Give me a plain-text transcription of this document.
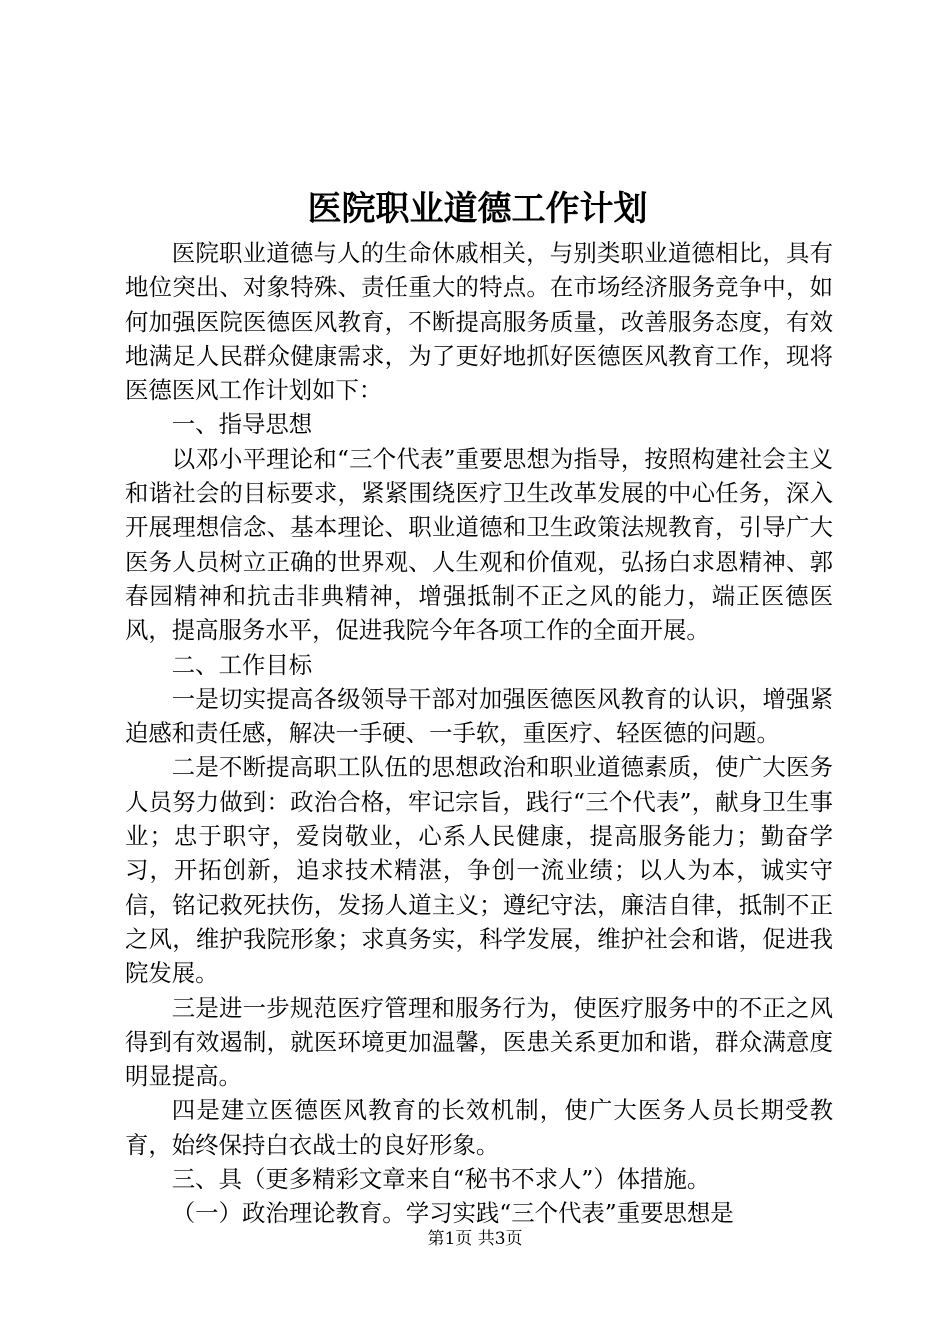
医院职业道德工作计划

医院职业道德与人的生命休戚相关，与别类职业道德相比，具有地位突出、对象特殊、责任重大的特点。在市场经济服务竞争中，如何加强医院医德医风教育，不断提高服务质量，改善服务态度，有效地满足人民群众健康需求，为了更好地抓好医德医风教育工作，现将医德医风工作计划如下：

一、指导思想

以邓小平理论和“三个代表”重要思想为指导，按照构建社会主义和谐社会的目标要求，紧紧围绕医疗卫生改革发展的中心任务，深入开展理想信念、基本理论、职业道德和卫生政策法规教育，引导广大医务人员树立正确的世界观、人生观和价值观，弘扬白求恩精神、郭春园精神和抗击非典精神，增强抵制不正之风的能力，端正医德医风，提高服务水平，促进我院今年各项工作的全面开展。

二、工作目标

一是切实提高各级领导干部对加强医德医风教育的认识，增强紧迫感和责任感，解决一手硬、一手软，重医疗、轻医德的问题。

二是不断提高职工队伍的思想政治和职业道德素质，使广大医务人员努力做到：政治合格，牢记宗旨，践行“三个代表”，献身卫生事业；忠于职守，爱岗敬业，心系人民健康，提高服务能力；勤奋学习，开拓创新，追求技术精湛，争创一流业绩；以人为本，诚实守信，铭记救死扶伤，发扬人道主义；遵纪守法，廉洁自律，抵制不正之风，维护我院形象；求真务实，科学发展，维护社会和谐，促进我院发展。

三是进一步规范医疗管理和服务行为，使医疗服务中的不正之风得到有效遏制，就医环境更加温馨，医患关系更加和谐，群众满意度明显提高。

四是建立医德医风教育的长效机制，使广大医务人员长期受教育，始终保持白衣战士的良好形象。

三、具（更多精彩文章来自“秘书不求人”）体措施。

（一）政治理论教育。学习实践“三个代表”重要思想是

第1页 共3页
